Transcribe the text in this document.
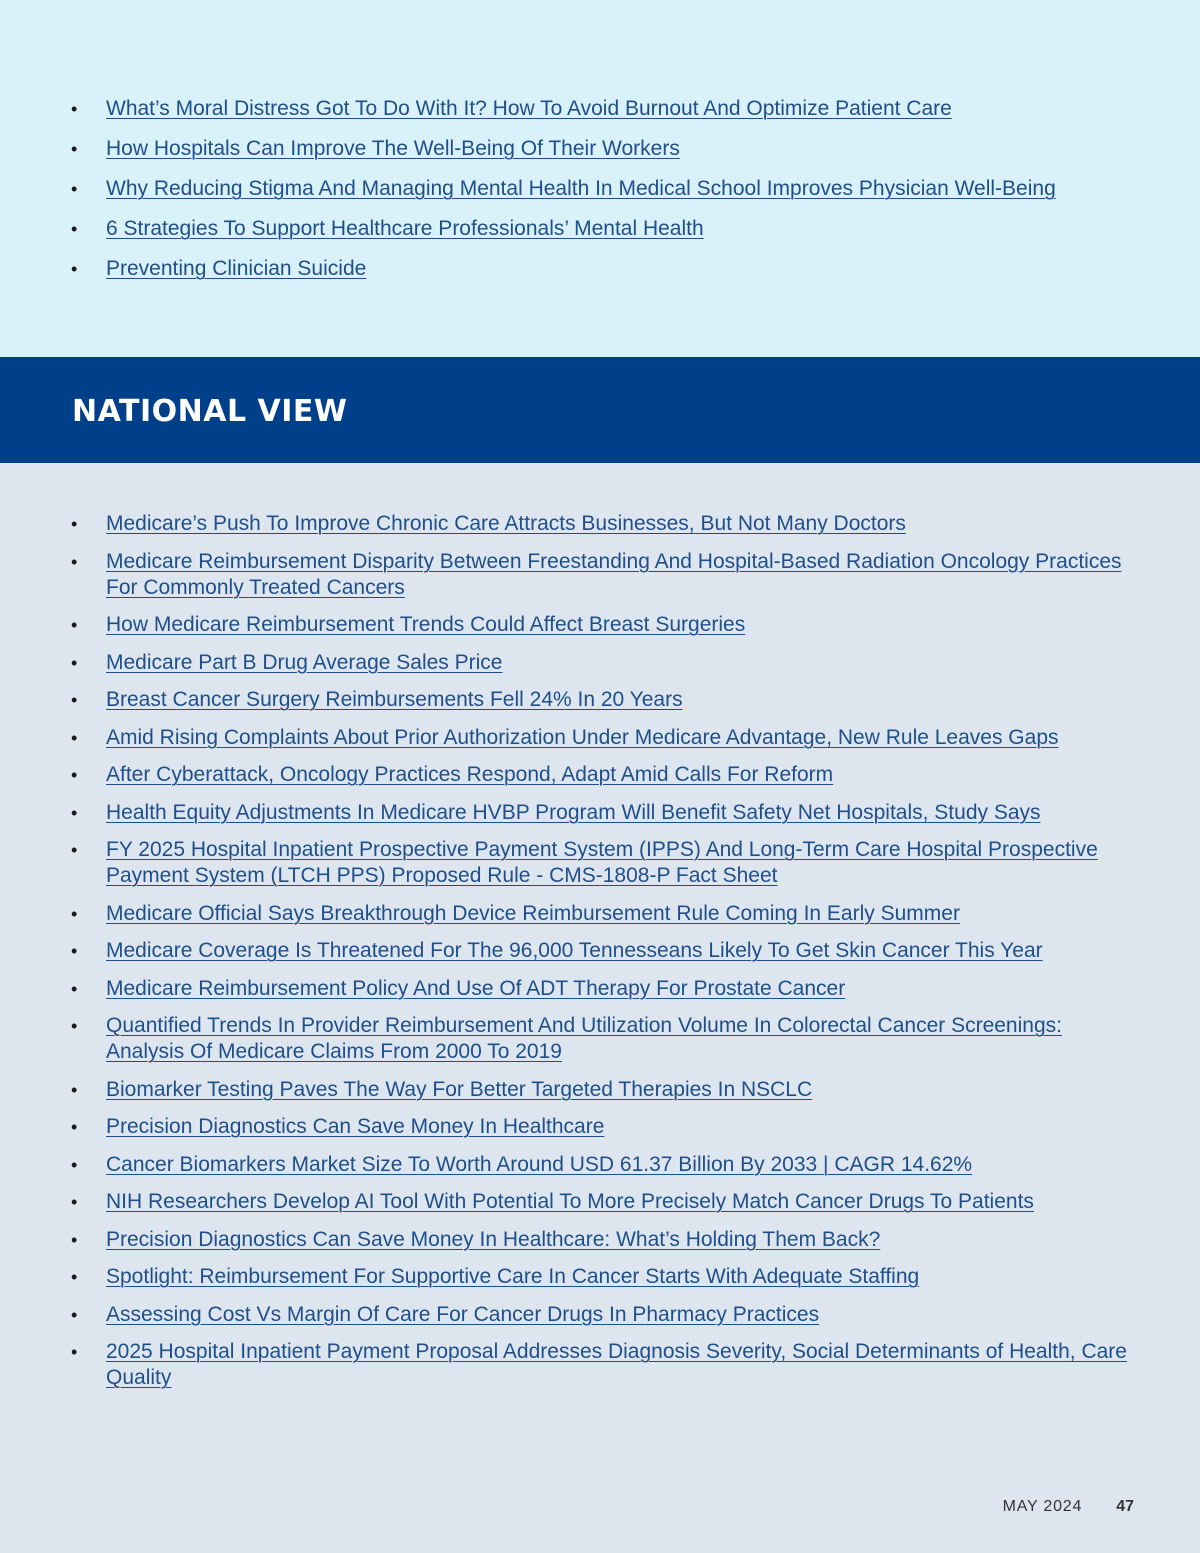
• What’s Moral Distress Got To Do With It? How To Avoid Burnout And Optimize Patient Care
• How Hospitals Can Improve The Well-Being Of Their Workers
• Why Reducing Stigma And Managing Mental Health In Medical School Improves Physician Well-Being
• 6 Strategies To Support Healthcare Professionals’ Mental Health
• Preventing Clinician Suicide
NATIONAL VIEW
• Medicare’s Push To Improve Chronic Care Attracts Businesses, But Not Many Doctors
• Medicare Reimbursement Disparity Between Freestanding And Hospital-Based Radiation Oncology Practices For Commonly Treated Cancers
• How Medicare Reimbursement Trends Could Affect Breast Surgeries
• Medicare Part B Drug Average Sales Price
• Breast Cancer Surgery Reimbursements Fell 24% In 20 Years
• Amid Rising Complaints About Prior Authorization Under Medicare Advantage, New Rule Leaves Gaps
• After Cyberattack, Oncology Practices Respond, Adapt Amid Calls For Reform
• Health Equity Adjustments In Medicare HVBP Program Will Benefit Safety Net Hospitals, Study Says
• FY 2025 Hospital Inpatient Prospective Payment System (IPPS) And Long-Term Care Hospital Prospective Payment System (LTCH PPS) Proposed Rule - CMS-1808-P Fact Sheet
• Medicare Official Says Breakthrough Device Reimbursement Rule Coming In Early Summer
• Medicare Coverage Is Threatened For The 96,000 Tennesseans Likely To Get Skin Cancer This Year
• Medicare Reimbursement Policy And Use Of ADT Therapy For Prostate Cancer
• Quantified Trends In Provider Reimbursement And Utilization Volume In Colorectal Cancer Screenings: Analysis Of Medicare Claims From 2000 To 2019
• Biomarker Testing Paves The Way For Better Targeted Therapies In NSCLC
• Precision Diagnostics Can Save Money In Healthcare
• Cancer Biomarkers Market Size To Worth Around USD 61.37 Billion By 2033 | CAGR 14.62%
• NIH Researchers Develop AI Tool With Potential To More Precisely Match Cancer Drugs To Patients
• Precision Diagnostics Can Save Money In Healthcare: What’s Holding Them Back?
• Spotlight: Reimbursement For Supportive Care In Cancer Starts With Adequate Staffing
• Assessing Cost Vs Margin Of Care For Cancer Drugs In Pharmacy Practices
• 2025 Hospital Inpatient Payment Proposal Addresses Diagnosis Severity, Social Determinants of Health, Care Quality
MAY 2024 47
